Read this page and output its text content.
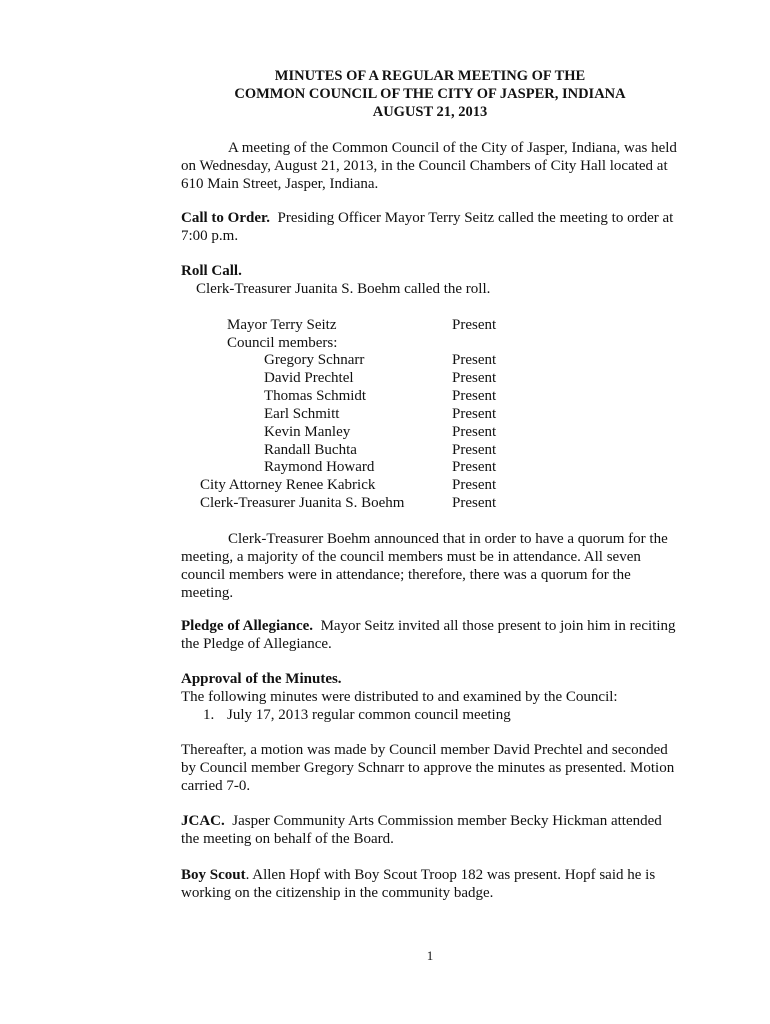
MINUTES OF A REGULAR MEETING OF THE
COMMON COUNCIL OF THE CITY OF JASPER, INDIANA
AUGUST 21, 2013
A meeting of the Common Council of the City of Jasper, Indiana, was held on Wednesday, August 21, 2013, in the Council Chambers of City Hall located at 610 Main Street, Jasper, Indiana.
Call to Order. Presiding Officer Mayor Terry Seitz called the meeting to order at 7:00 p.m.
Roll Call.
Clerk-Treasurer Juanita S. Boehm called the roll.
Mayor Terry Seitz	Present
Council members:
Gregory Schnarr	Present
David Prechtel	Present
Thomas Schmidt	Present
Earl Schmitt	Present
Kevin Manley	Present
Randall Buchta	Present
Raymond Howard	Present
City Attorney Renee Kabrick	Present
Clerk-Treasurer Juanita S. Boehm	Present
Clerk-Treasurer Boehm announced that in order to have a quorum for the meeting, a majority of the council members must be in attendance. All seven council members were in attendance; therefore, there was a quorum for the meeting.
Pledge of Allegiance. Mayor Seitz invited all those present to join him in reciting the Pledge of Allegiance.
Approval of the Minutes.
The following minutes were distributed to and examined by the Council:
1. July 17, 2013 regular common council meeting
Thereafter, a motion was made by Council member David Prechtel and seconded by Council member Gregory Schnarr to approve the minutes as presented. Motion carried 7-0.
JCAC. Jasper Community Arts Commission member Becky Hickman attended the meeting on behalf of the Board.
Boy Scout. Allen Hopf with Boy Scout Troop 182 was present. Hopf said he is working on the citizenship in the community badge.
1
